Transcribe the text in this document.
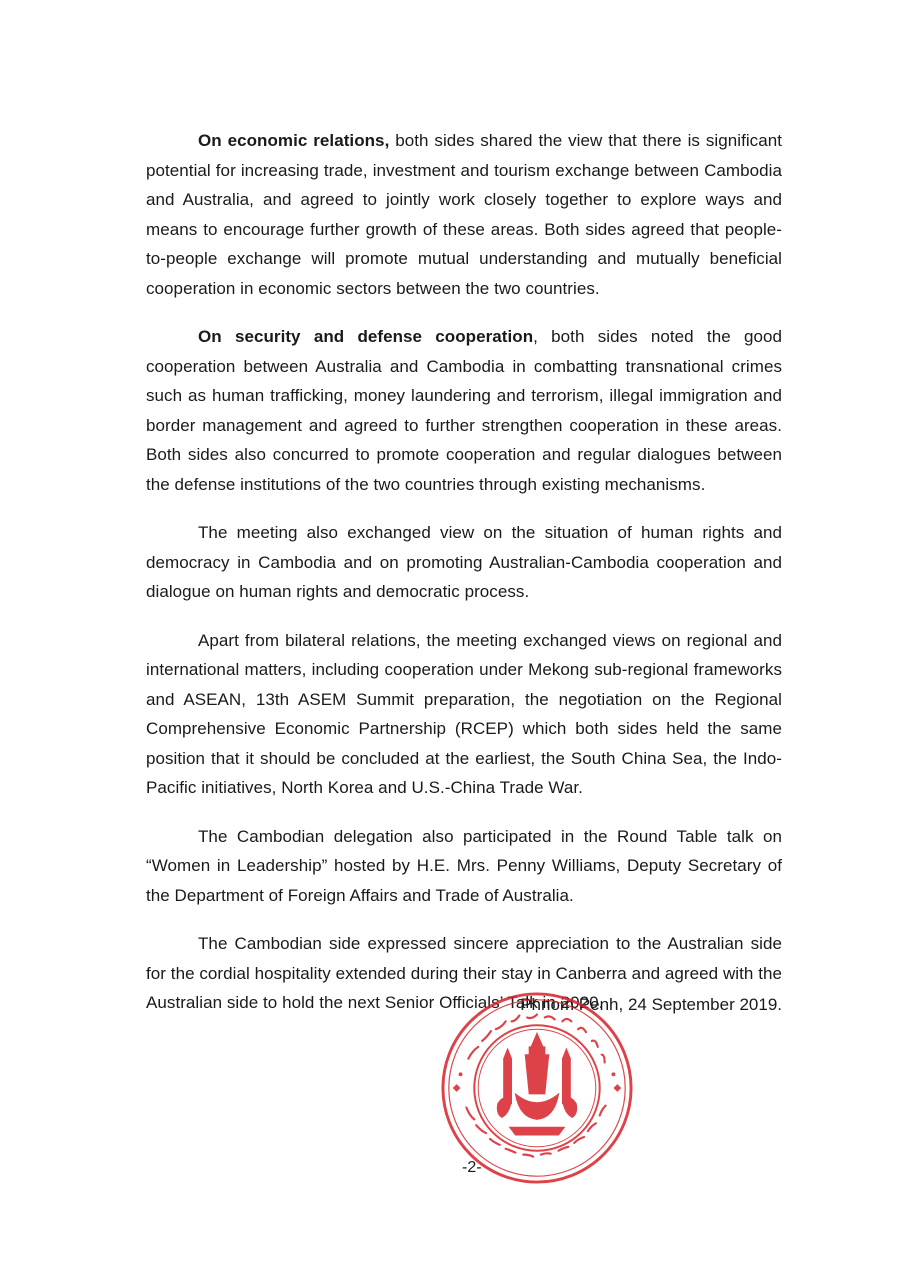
On economic relations, both sides shared the view that there is significant potential for increasing trade, investment and tourism exchange between Cambodia and Australia, and agreed to jointly work closely together to explore ways and means to encourage further growth of these areas. Both sides agreed that people-to-people exchange will promote mutual understanding and mutually beneficial cooperation in economic sectors between the two countries.

On security and defense cooperation, both sides noted the good cooperation between Australia and Cambodia in combatting transnational crimes such as human trafficking, money laundering and terrorism, illegal immigration and border management and agreed to further strengthen cooperation in these areas. Both sides also concurred to promote cooperation and regular dialogues between the defense institutions of the two countries through existing mechanisms.

The meeting also exchanged view on the situation of human rights and democracy in Cambodia and on promoting Australian-Cambodia cooperation and dialogue on human rights and democratic process.

Apart from bilateral relations, the meeting exchanged views on regional and international matters, including cooperation under Mekong sub-regional frameworks and ASEAN, 13th ASEM Summit preparation, the negotiation on the Regional Comprehensive Economic Partnership (RCEP) which both sides held the same position that it should be concluded at the earliest, the South China Sea, the Indo-Pacific initiatives, North Korea and U.S.-China Trade War.

The Cambodian delegation also participated in the Round Table talk on “Women in Leadership” hosted by H.E. Mrs. Penny Williams, Deputy Secretary of the Department of Foreign Affairs and Trade of Australia.

The Cambodian side expressed sincere appreciation to the Australian side for the cordial hospitality extended during their stay in Canberra and agreed with the Australian side to hold the next Senior Officials’ Talk in 2020.

Phnom Penh, 24 September 2019.
-2-
